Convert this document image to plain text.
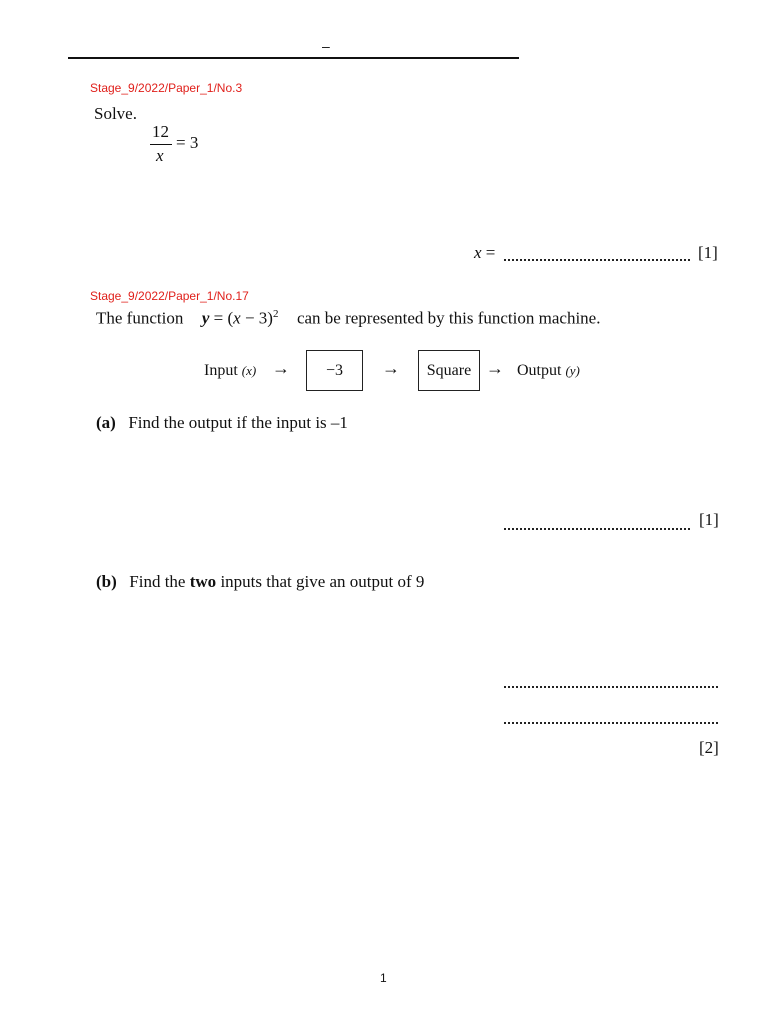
–
Stage_9/2022/Paper_1/No.3
Solve.
12
x
= 3
x =	[1]
Stage_9/2022/Paper_1/No.17
The function $y = (x - 3)^2$ can be represented by this function machine.
Input (x) →	−3	→	Square → Output (y)
(a) Find the output if the input is –1
[1]
(b) Find the two inputs that give an output of 9
[2]
1
